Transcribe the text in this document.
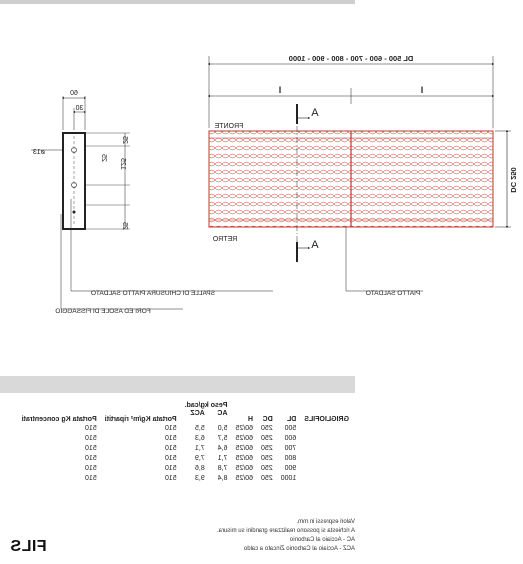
60
30
ø13
25
125
25
25
SPALLE DI CHIUSURA PIATTO SALDATO
FORI ED ASOLE DI FISSAGGIO
DL 500 - 600 - 700 - 800 - 900 - 1000
l
l
A
A
FRONTE
RETRO
DC 250
PIATTO SALDATO
GRIGLIOFILS	DL	DC	H	Peso kg/cad.		Portata Kg/m² ripartiti	Portata Kg concentrati
				AC	ACZ		
	500	250	60/25	5,0	5,5	510	510
	600	250	60/25	5,7	6,3	510	510
	700	250	60/25	6,4	7,1	510	510
	800	250	60/25	7,1	7,9	510	510
	900	250	60/25	7,8	8,6	510	510
	1000	250	60/25	8,4	9,3	510	510
Valori espressi in mm.
A richiesta si possono realizzare grandini su misura.
AC - Acciaio al Carbonio
ACZ - Acciaio al Carbonio Zincato a caldo
FILS
